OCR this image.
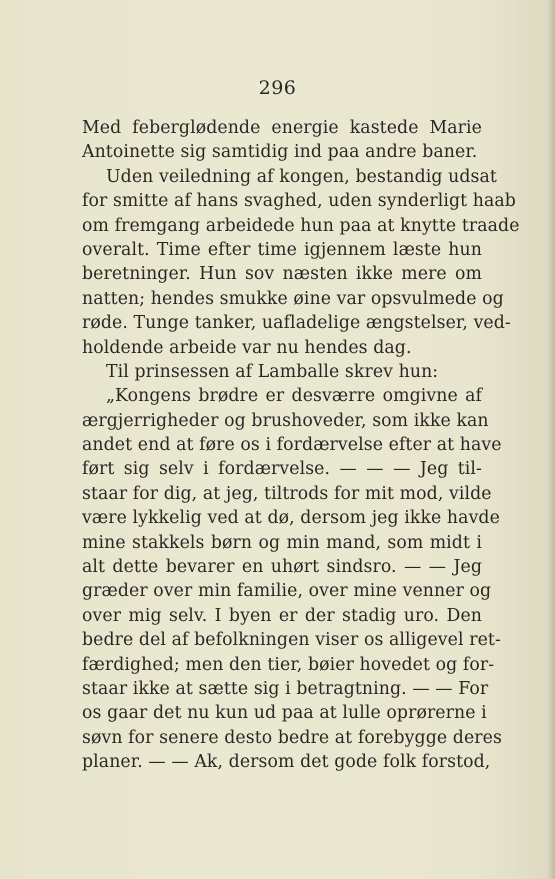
296
Med feberglødende energie kastede Marie
Antoinette sig samtidig ind paa andre baner.
Uden veiledning af kongen, bestandig udsat
for smitte af hans svaghed, uden synderligt haab
om fremgang arbeidede hun paa at knytte traade
overalt. Time efter time igjennem læste hun
beretninger. Hun sov næsten ikke mere om
natten; hendes smukke øine var opsvulmede og
røde. Tunge tanker, uafladelige ængstelser, ved-
holdende arbeide var nu hendes dag.
Til prinsessen af Lamballe skrev hun:
„Kongens brødre er desværre omgivne af
ærgjerrigheder og brushoveder, som ikke kan
andet end at føre os i fordærvelse efter at have
ført sig selv i fordærvelse. — — — Jeg til-
staar for dig, at jeg, tiltrods for mit mod, vilde
være lykkelig ved at dø, dersom jeg ikke havde
mine stakkels børn og min mand, som midt i
alt dette bevarer en uhørt sindsro. — — Jeg
græder over min familie, over mine venner og
over mig selv. I byen er der stadig uro. Den
bedre del af befolkningen viser os alligevel ret-
færdighed; men den tier, bøier hovedet og for-
staar ikke at sætte sig i betragtning. — — For
os gaar det nu kun ud paa at lulle oprørerne i
søvn for senere desto bedre at forebygge deres
planer. — — Ak, dersom det gode folk forstod,
